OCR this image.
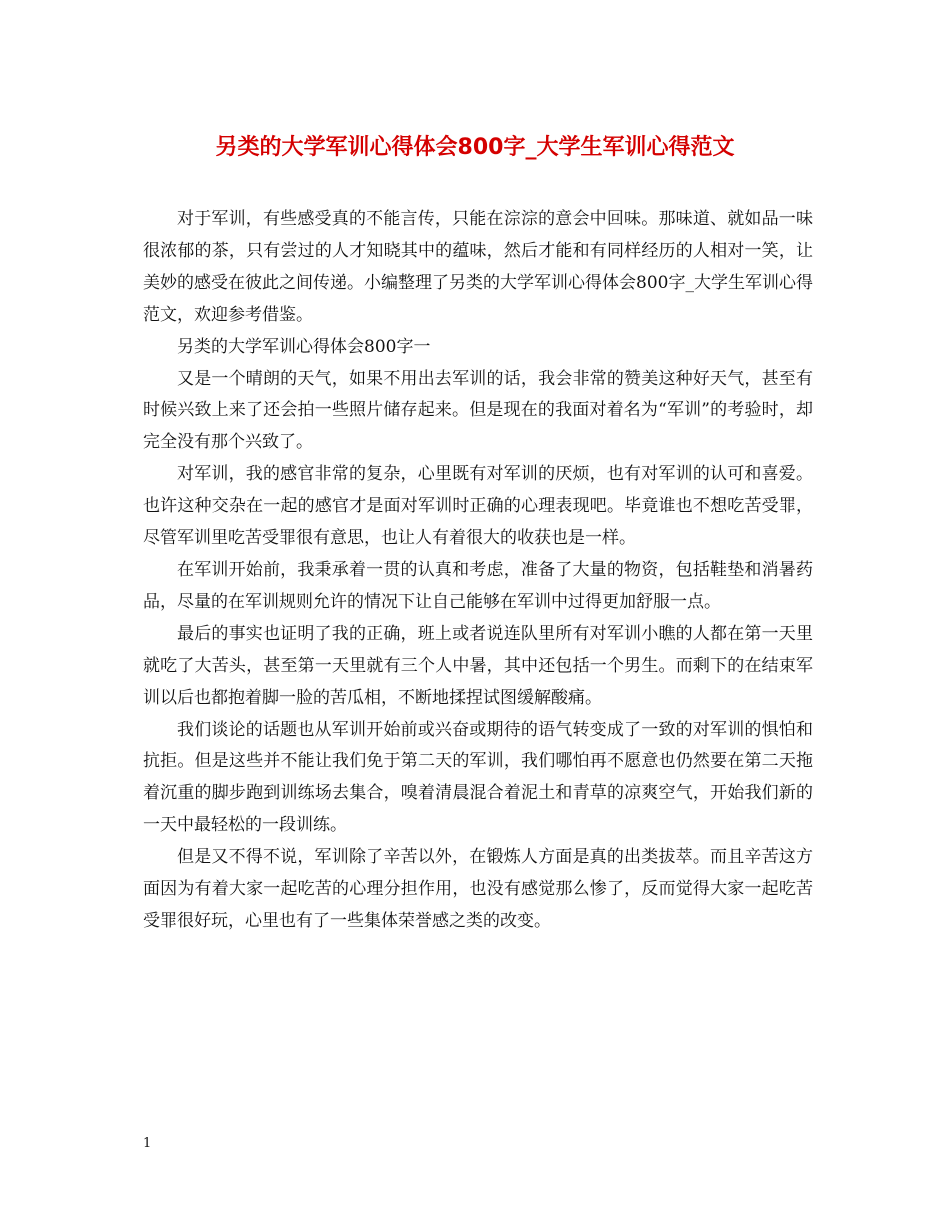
另类的大学军训心得体会800字_大学生军训心得范文

对于军训，有些感受真的不能言传，只能在淙淙的意会中回味。那味道、就如品一味很浓郁的茶，只有尝过的人才知晓其中的蕴味，然后才能和有同样经历的人相对一笑，让美妙的感受在彼此之间传递。小编整理了另类的大学军训心得体会800字_大学生军训心得范文，欢迎参考借鉴。

另类的大学军训心得体会800字一

又是一个晴朗的天气，如果不用出去军训的话，我会非常的赞美这种好天气，甚至有时候兴致上来了还会拍一些照片储存起来。但是现在的我面对着名为“军训”的考验时，却完全没有那个兴致了。

对军训，我的感官非常的复杂，心里既有对军训的厌烦，也有对军训的认可和喜爱。也许这种交杂在一起的感官才是面对军训时正确的心理表现吧。毕竟谁也不想吃苦受罪，尽管军训里吃苦受罪很有意思，也让人有着很大的收获也是一样。

在军训开始前，我秉承着一贯的认真和考虑，准备了大量的物资，包括鞋垫和消暑药品，尽量的在军训规则允许的情况下让自己能够在军训中过得更加舒服一点。

最后的事实也证明了我的正确，班上或者说连队里所有对军训小瞧的人都在第一天里就吃了大苦头，甚至第一天里就有三个人中暑，其中还包括一个男生。而剩下的在结束军训以后也都抱着脚一脸的苦瓜相，不断地揉捏试图缓解酸痛。

我们谈论的话题也从军训开始前或兴奋或期待的语气转变成了一致的对军训的惧怕和抗拒。但是这些并不能让我们免于第二天的军训，我们哪怕再不愿意也仍然要在第二天拖着沉重的脚步跑到训练场去集合，嗅着清晨混合着泥土和青草的凉爽空气，开始我们新的一天中最轻松的一段训练。

但是又不得不说，军训除了辛苦以外，在锻炼人方面是真的出类拔萃。而且辛苦这方面因为有着大家一起吃苦的心理分担作用，也没有感觉那么惨了，反而觉得大家一起吃苦受罪很好玩，心里也有了一些集体荣誉感之类的改变。

1
